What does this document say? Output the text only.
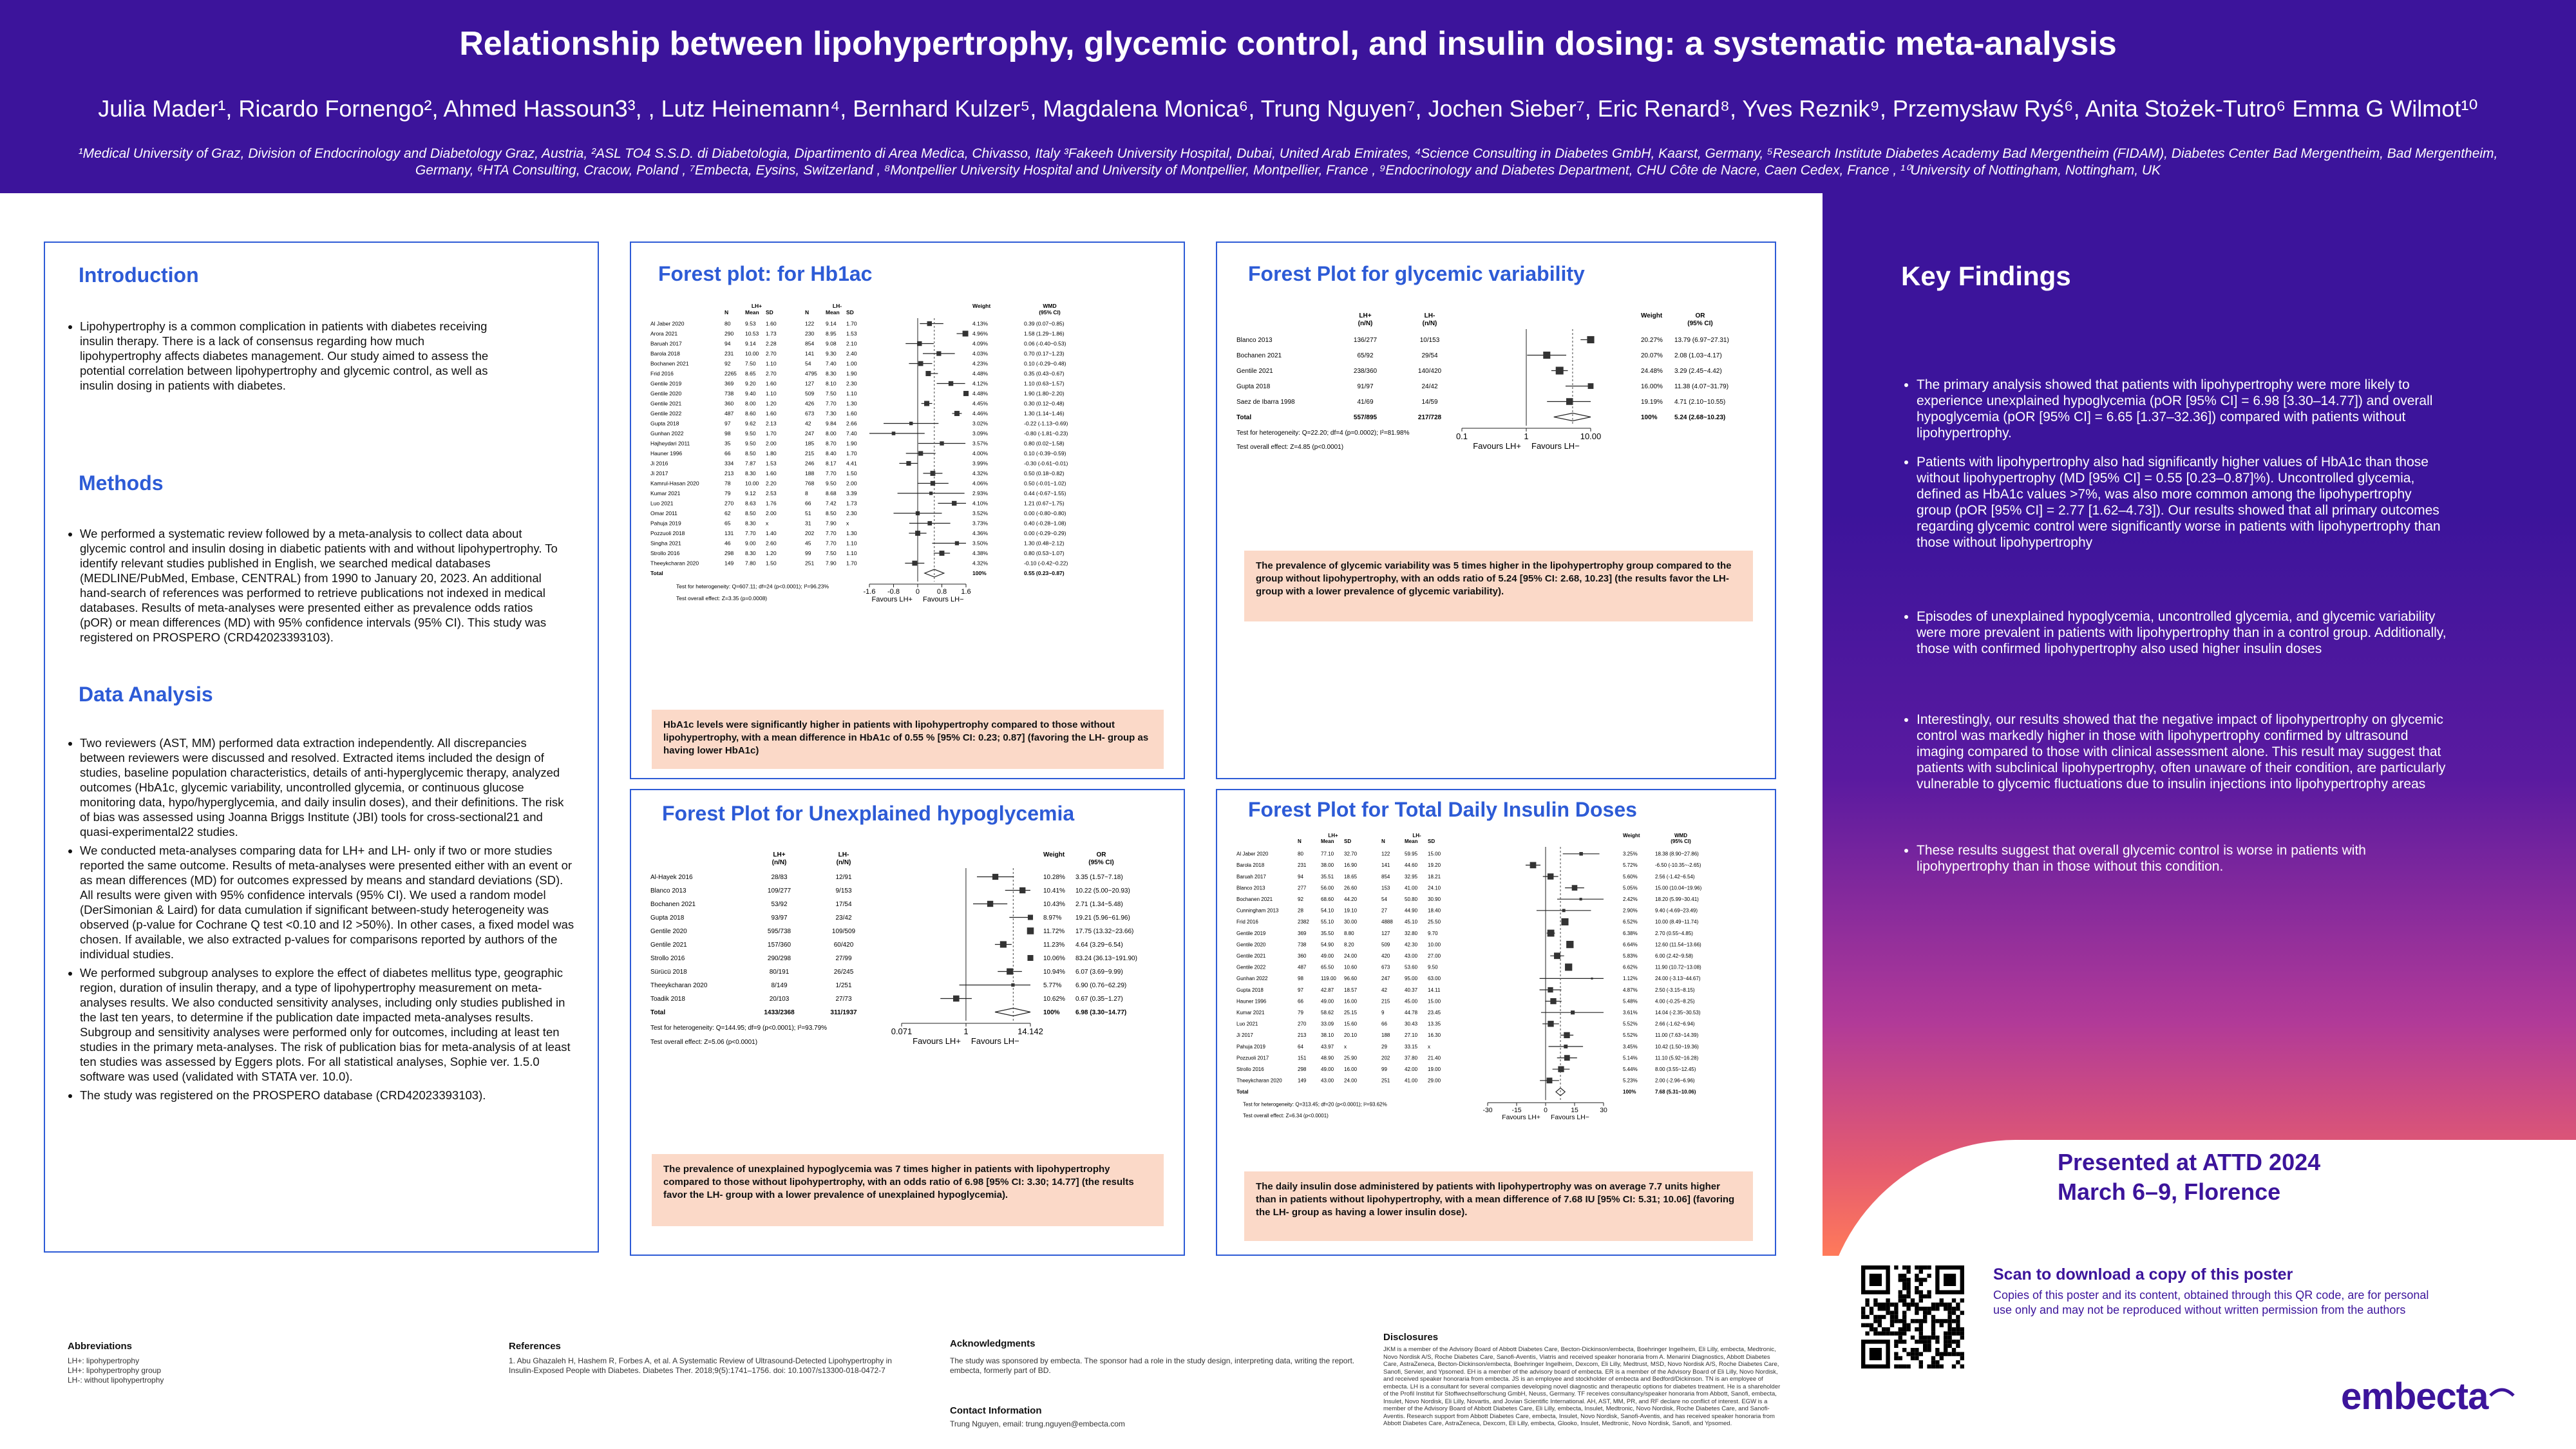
Relationship between lipohypertrophy, glycemic control, and insulin dosing: a systematic meta-analysis
Julia Mader¹, Ricardo Fornengo², Ahmed Hassoun3³, , Lutz Heinemann⁴, Bernhard Kulzer⁵, Magdalena Monica⁶, Trung Nguyen⁷, Jochen Sieber⁷, Eric Renard⁸, Yves Reznik⁹, Przemysław Ryś⁶, Anita Stożek-Tutro⁶ Emma G Wilmot¹⁰
¹Medical University of Graz, Division of Endocrinology and Diabetology Graz, Austria, ²ASL TO4 S.S.D. di Diabetologia, Dipartimento di Area Medica, Chivasso, Italy ³Fakeeh University Hospital, Dubai, United Arab Emirates, ⁴Science Consulting in Diabetes GmbH, Kaarst, Germany, ⁵Research Institute Diabetes Academy Bad Mergentheim (FIDAM), Diabetes Center Bad Mergentheim, Bad Mergentheim, Germany, ⁶HTA Consulting, Cracow, Poland , ⁷Embecta, Eysins, Switzerland , ⁸Montpellier University Hospital and University of Montpellier, Montpellier, France , ⁹Endocrinology and Diabetes Department, CHU Côte de Nacre, Caen Cedex, France , ¹⁰University of Nottingham, Nottingham, UK
Introduction
• Lipohypertrophy is a common complication in patients with diabetes receiving insulin therapy. There is a lack of consensus regarding how much lipohypertrophy affects diabetes management. Our study aimed to assess the potential correlation between lipohypertrophy and glycemic control, as well as insulin dosing in patients with diabetes.
Methods
• We performed a systematic review followed by a meta-analysis to collect data about glycemic control and insulin dosing in diabetic patients with and without lipohypertrophy. To identify relevant studies published in English, we searched medical databases (MEDLINE/PubMed, Embase, CENTRAL) from 1990 to January 20, 2023. An additional hand-search of references was performed to retrieve publications not indexed in medical databases. Results of meta-analyses were presented either as prevalence odds ratios (pOR) or mean differences (MD) with 95% confidence intervals (95% CI). This study was registered on PROSPERO (CRD42023393103).
Data Analysis
• Two reviewers (AST, MM) performed data extraction independently. All discrepancies between reviewers were discussed and resolved. Extracted items included the design of studies, baseline population characteristics, details of anti-hyperglycemic therapy, analyzed outcomes (HbA1c, glycemic variability, uncontrolled glycemia, or continuous glucose monitoring data, hypo/hyperglycemia, and daily insulin doses), and their definitions. The risk of bias was assessed using Joanna Briggs Institute (JBI) tools for cross-sectional21 and quasi-experimental22 studies.
• We conducted meta-analyses comparing data for LH+ and LH- only if two or more studies reported the same outcome. Results of meta-analyses were presented either with an event or as mean differences (MD) for outcomes expressed by means and standard deviations (SD). All results were given with 95% confidence intervals (95% CI). We used a random model (DerSimonian & Laird) for data cumulation if significant between-study heterogeneity was observed (p-value for Cochrane Q test <0.10 and I2 >50%). In other cases, a fixed model was chosen. If available, we also extracted p-values for comparisons reported by authors of the individual studies.
• We performed subgroup analyses to explore the effect of diabetes mellitus type, geographic region, duration of insulin therapy, and a type of lipohypertrophy measurement on meta-analyses results. We also conducted sensitivity analyses, including only studies published in the last ten years, to determine if the publication date impacted meta-analyses results. Subgroup and sensitivity analyses were performed only for outcomes, including at least ten studies in the primary meta-analyses. The risk of publication bias for meta-analysis of at least ten studies was assessed by Eggers plots. For all statistical analyses, Sophie ver. 1.5.0 software was used (validated with STATA ver. 10.0).
• The study was registered on the PROSPERO database (CRD42023393103).
Forest plot: for Hb1ac
LH+	LH-
N	Mean SD	N	Mean SD
Weight	WMD
(95% CI)
Al Jaber 2020	80	9.53 1.60	122 9.14 1.70	4.13%	0.39 (0.07~0.85)
Arora 2021	290 10.53 1.73	230 8.95 1.53	4.96%	1.58 (1.29~1.86)
Baruah 2017	94	9.14 2.28	854 9.08 2.10	4.09%	0.06 (-0.40~0.53)
Barola 2018	231 10.00 2.70	141 9.30 2.40	4.03%	0.70 (0.17~1.23)
Bochanen 2021	92	7.50 1.10	54	7.40 1.00	4.23%	0.10 (-0.29~0.48)
Frid 2016	2265 8.65 2.70	4795 8.30 1.90	4.48%	0.35 (0.43~0.67)
Gentile 2019	369 9.20 1.60	127 8.10 2.30	4.12%	1.10 (0.63~1.57)
Gentile 2020	738 9.40 1.10	509 7.50 1.10	4.48%	1.90 (1.80~2.20)
Gentile 2021	360 8.00 1.20	426 7.70 1.30	4.45%	0.30 (0.12~0.48)
Gentile 2022	487 8.60 1.60	673 7.30 1.60	4.46%	1.30 (1.14~1.46)
Gupta 2018	97	9.62 2.13	42	9.84 2.66	3.02%	-0.22 (-1.13~0.69)
Gunhan 2022	98	9.50 1.70	247 8.00 7.40	3.09%	-0.80 (-1.81~0.23)
Hajheydari 2011	35	9.50 2.00	185 8.70 1.90	3.57%	0.80 (0.02~1.58)
Hauner 1996	66	8.50 1.80	215 8.40 1.70	4.00%	0.10 (-0.39~0.59)
Ji 2016	334 7.87 1.53	246 8.17 4.41	3.99%	-0.30 (-0.61~0.01)
Ji 2017	213 8.30 1.60	188 7.70 1.50	4.32%	0.50 (0.18~0.82)
Kamrul-Hasan 2020	78	10.00 2.20	768 9.50 2.00	4.06%	0.50 (-0.01~1.02)
Kumar 2021	79	9.12 2.53	8	8.68 3.39	2.93%	0.44 (-0.67~1.55)
Luo 2021	270 8.63 1.76	66	7.42 1.73	4.10%	1.21 (0.67~1.75)
Omar 2011	62	8.50 2.00	51	8.50 2.30	3.52%	0.00 (-0.80~0.80)
Pahuja 2019	65	8.30 x	31	7.90 x	3.73%	0.40 (-0.28~1.08)
Pozzuoli 2018	131 7.70 1.40	202 7.70 1.30	4.36%	0.00 (-0.29~0.29)
Singha 2021	46	9.00 2.60	45	7.70 1.10	3.50%	1.30 (0.48~2.12)
Strollo 2016	298 8.30 1.20	99	7.50 1.10	4.38%	0.80 (0.53~1.07)
Theeykcharan 2020	149 7.80 1.50	251 7.90 1.70	4.32%	-0.10 (-0.42~0.22)
Total	100%	0.55 (0.23~0.87)
-1.6 -0.8 0 0.8 1.6
Favours LH+ Favours LH−
Test for heterogeneity: Q=607.11; df=24 (p<0.0001); I²=96.23%
Test overall effect: Z=3.35 (p=0.0008)
HbA1c levels were significantly higher in patients with lipohypertrophy compared to those without lipohypertrophy, with a mean difference in HbA1c of 0.55 % [95% CI: 0.23; 0.87] (favoring the LH- group as having lower HbA1c)
Forest Plot for glycemic variability
LH+	LH-
(n/N)	(n/N)
Weight	OR
(95% CI)
Blanco 2013	136/277	10/153	20.27% 13.79 (6.97~27.31)
Bochanen 2021	65/92	29/54	20.07% 2.08 (1.03~4.17)
Gentile 2021	238/360	140/420	24.48% 3.29 (2.45~4.42)
Gupta 2018	91/97	24/42	16.00% 11.38 (4.07~31.79)
Saez de Ibarra 1998	41/69	14/59	19.19% 4.71 (2.10~10.55)
Total	557/895	217/728	100%	5.24 (2.68~10.23)
0.1	1	10.00
Favours LH+ Favours LH−
Test for heterogeneity: Q=22.20; df=4 (p=0.0002); I²=81.98%
Test overall effect: Z=4.85 (p<0.0001)
The prevalence of glycemic variability was 5 times higher in the lipohypertrophy group compared to the group without lipohypertrophy, with an odds ratio of 5.24 [95% CI: 2.68, 10.23] (the results favor the LH- group with a lower prevalence of glycemic variability).
Forest Plot for Unexplained hypoglycemia
LH+	LH-
(n/N)	(n/N)
Weight	OR
(95% CI)
Al-Hayek 2016	28/83	12/91	10.28% 3.35 (1.57~7.18)
Blanco 2013	109/277	9/153	10.41% 10.22 (5.00~20.93)
Bochanen 2021	53/92	17/54	10.43% 2.71 (1.34~5.48)
Gupta 2018	93/97	23/42	8.97% 19.21 (5.96~61.96)
Gentile 2020	595/738	109/509	11.72% 17.75 (13.32~23.66)
Gentile 2021	157/360	60/420	11.23% 4.64 (3.29~6.54)
Strollo 2016	290/298	27/99	10.06% 83.24 (36.13~191.90)
Sürücü 2018	80/191	26/245	10.94% 6.07 (3.69~9.99)
Theeykcharan 2020	8/149	1/251	5.77% 6.90 (0.76~62.29)
Toadik 2018	20/103	27/73	10.62% 0.67 (0.35~1.27)
Total	1433/2368	311/1937	100% 6.98 (3.30~14.77)
0.071	1	14.142
Favours LH+ Favours LH−
Test for heterogeneity: Q=144.95; df=9 (p<0.0001); I²=93.79%
Test overall effect: Z=5.06 (p<0.0001)
The prevalence of unexplained hypoglycemia was 7 times higher in patients with lipohypertrophy compared to those without lipohypertrophy, with an odds ratio of 6.98 [95% CI: 3.30; 14.77] (the results favor the LH- group with a lower prevalence of unexplained hypoglycemia).
Forest Plot for Total Daily Insulin Doses
LH+	LH-
N	Mean SD	N	Mean SD
Weight	WMD
(95% CI)
Al Jaber 2020	80	77.10 32.70	122	59.95 15.00	3.25%	18.38 (8.90~27.86)
Barola 2018	231	38.00 16.90	141	44.60 19.20	5.72%	-6.50 (-10.35~-2.65)
Baruah 2017	94	35.51 18.65	854	32.95 18.21	5.60%	2.56 (-1.42~6.54)
Blanco 2013	277	56.00 26.60	153	41.00 24.10	5.05%	15.00 (10.04~19.96)
Bochanen 2021	92	68.60 44.20	54	50.80 30.90	2.42%	18.20 (5.99~30.41)
Cunningham 2013	28	54.10 19.10	27	44.90 18.40	2.90%	9.40 (-4.69~23.49)
Frid 2016	2382 55.10 30.00	4888 45.10 25.50	6.52%	10.00 (8.49~11.74)
Gentile 2019	369	35.50 8.80	127	32.80 9.70	6.38%	2.70 (0.55~4.85)
Gentile 2020	738	54.90 8.20	509	42.30 10.00	6.64%	12.60 (11.54~13.66)
Gentile 2021	360	49.00 24.00	420	43.00 27.00	5.83%	6.00 (2.42~9.58)
Gentile 2022	487	65.50 10.60	673	53.60 9.50	6.62%	11.90 (10.72~13.08)
Gunhan 2022	98	119.00 96.60	247	95.00 63.00	1.12%	24.00 (-3.13~44.67)
Gupta 2018	97	42.87 18.57	42	40.37 14.11	4.87%	2.50 (-3.15~8.15)
Hauner 1996	66	49.00 16.00	215	45.00 15.00	5.48%	4.00 (-0.25~8.25)
Kumar 2021	79	58.62 25.15	9	44.78 23.45	3.61%	14.04 (-2.35~30.53)
Luo 2021	270	33.09 15.60	66	30.43 13.35	5.52%	2.66 (-1.62~6.94)
Ji 2017	213	38.10 20.10	188	27.10 16.30	5.52%	11.00 (7.63~14.39)
Pahuja 2019	64	43.97 x	29	33.15 x	3.45%	10.42 (1.50~19.36)
Pozzuoli 2017	151	48.90 25.90	202	37.80 21.40	5.14%	11.10 (5.92~16.28)
Strollo 2016	298	49.00 16.00	99	42.00 19.00	5.44%	8.00 (3.55~12.45)
Theeykcharan 2020	149	43.00 24.00	251	41.00 29.00	5.23%	2.00 (-2.96~6.96)
Total	100%	7.68 (5.31~10.06)
-30	-15	0	15	30
Favours LH+ Favours LH−
Test for heterogeneity: Q=313.45; df=20 (p<0.0001); I²=93.62%
Test overall effect: Z=6.34 (p<0.0001)
The daily insulin dose administered by patients with lipohypertrophy was on average 7.7 units higher than in patients without lipohypertrophy, with a mean difference of 7.68 IU [95% CI: 5.31; 10.06] (favoring the LH- group as having a lower insulin dose).
Key Findings
• The primary analysis showed that patients with lipohypertrophy were more likely to experience unexplained hypoglycemia (pOR [95% CI] = 6.98 [3.30–14.77]) and overall hypoglycemia (pOR [95% CI] = 6.65 [1.37–32.36]) compared with patients without lipohypertrophy.
• Patients with lipohypertrophy also had significantly higher values of HbA1c than those without lipohypertrophy (MD [95% CI] = 0.55 [0.23–0.87]%). Uncontrolled glycemia, defined as HbA1c values >7%, was also more common among the lipohypertrophy group (pOR [95% CI] = 2.77 [1.62–4.73]). Our results showed that all primary outcomes regarding glycemic control were significantly worse in patients with lipohypertrophy than those without lipohypertrophy
• Episodes of unexplained hypoglycemia, uncontrolled glycemia, and glycemic variability were more prevalent in patients with lipohypertrophy than in a control group. Additionally, those with confirmed lipohypertrophy also used higher insulin doses
• Interestingly, our results showed that the negative impact of lipohypertrophy on glycemic control was markedly higher in those with lipohypertrophy confirmed by ultrasound imaging compared to those with clinical assessment alone. This result may suggest that patients with subclinical lipohypertrophy, often unaware of their condition, are particularly vulnerable to glycemic fluctuations due to insulin injections into lipohypertrophy areas
• These results suggest that overall glycemic control is worse in patients with lipohypertrophy than in those without this condition.
Presented at ATTD 2024
March 6–9, Florence
Scan to download a copy of this poster
Copies of this poster and its content, obtained through this QR code, are for personal use only and may not be reproduced without written permission from the authors
embecta
Abbreviations
LH+: lipohypertrophy
LH+: lipohypertrophy group
LH-: without lipohypertrophy
References
1. Abu Ghazaleh H, Hashem R, Forbes A, et al. A Systematic Review of Ultrasound-Detected Lipohypertrophy in Insulin-Exposed People with Diabetes. Diabetes Ther. 2018;9(5):1741–1756. doi: 10.1007/s13300-018-0472-7
Acknowledgments
The study was sponsored by embecta. The sponsor had a role in the study design, interpreting data, writing the report. embecta, formerly part of BD.
Contact Information
Trung Nguyen, email: trung.nguyen@embecta.com
Disclosures
JKM is a member of the Advisory Board of Abbott Diabetes Care, Becton-Dickinson/embecta, Boehringer Ingelheim, Eli Lilly, embecta, Medtronic, Novo Nordisk A/S, Roche Diabetes Care, Sanofi-Aventis, Viatris and received speaker honoraria from A. Menarini Diagnostics, Abbott Diabetes Care, AstraZeneca, Becton-Dickinson/embecta, Boehringer Ingelheim, Dexcom, Eli Lilly, Medtrust, MSD, Novo Nordisk A/S, Roche Diabetes Care, Sanofi, Servier, and Ypsomed. EH is a member of the advisory board of embecta. ER is a member of the Advisory Board of Eli Lilly, Novo Nordisk, and received speaker honoraria from embecta. JS is an employee and stockholder of embecta and Bedford/Dickinson. TN is an employee of embecta. LH is a consultant for several companies developing novel diagnostic and therapeutic options for diabetes treatment. He is a shareholder of the Profil Institut für Stoffwechselforschung GmbH, Neuss, Germany. TF receives consultancy/speaker honoraria from Abbott, Sanofi, embecta, Insulet, Novo Nordisk, Eli Lilly, Novartis, and Jovian Scientific International. AH, AST, MM, PR, and RF declare no conflict of interest. EGW is a member of the Advisory Board of Abbott Diabetes Care, Eli Lilly, embecta, Insulet, Medtronic, Novo Nordisk, Roche Diabetes Care, and Sanofi-Aventis. Research support from Abbott Diabetes Care, embecta, Insulet, Novo Nordisk, Sanofi-Aventis, and has received speaker honoraria from Abbott Diabetes Care, AstraZeneca, Dexcom, Eli Lilly, embecta, Glooko, Insulet, Medtronic, Novo Nordisk, Sanofi, and Ypsomed.
